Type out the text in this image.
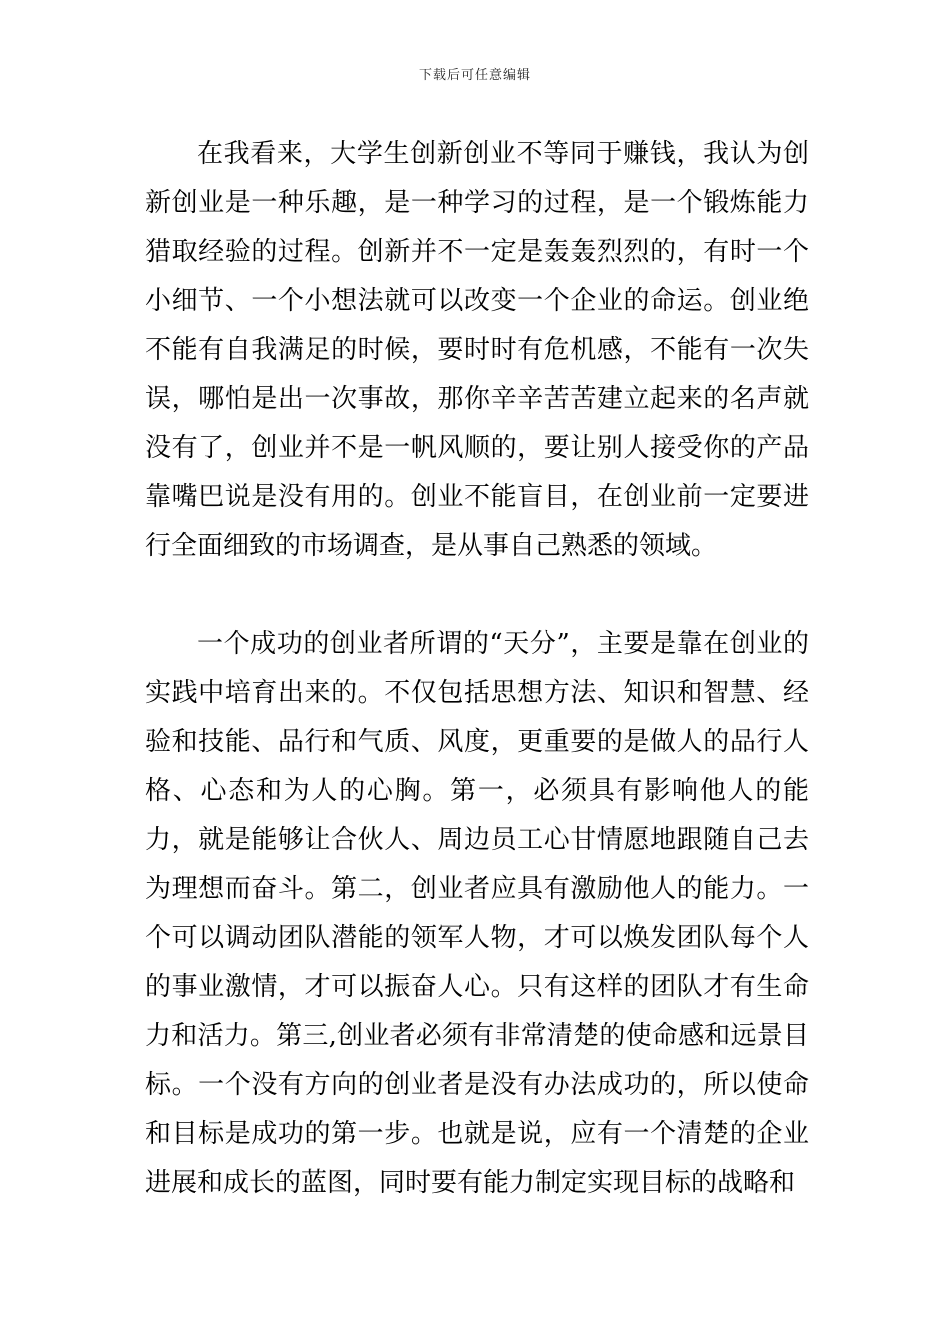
下载后可任意编辑

在我看来，大学生创新创业不等同于赚钱，我认为创新创业是一种乐趣，是一种学习的过程，是一个锻炼能力猎取经验的过程。创新并不一定是轰轰烈烈的，有时一个小细节、一个小想法就可以改变一个企业的命运。创业绝不能有自我满足的时候，要时时有危机感，不能有一次失误，哪怕是出一次事故，那你辛辛苦苦建立起来的名声就没有了，创业并不是一帆风顺的，要让别人接受你的产品靠嘴巴说是没有用的。创业不能盲目，在创业前一定要进行全面细致的市场调查，是从事自己熟悉的领域。

一个成功的创业者所谓的“天分”，主要是靠在创业的实践中培育出来的。不仅包括思想方法、知识和智慧、经验和技能、品行和气质、风度，更重要的是做人的品行人格、心态和为人的心胸。第一，必须具有影响他人的能力，就是能够让合伙人、周边员工心甘情愿地跟随自己去为理想而奋斗。第二，创业者应具有激励他人的能力。一个可以调动团队潜能的领军人物，才可以焕发团队每个人的事业激情，才可以振奋人心。只有这样的团队才有生命力和活力。第三,创业者必须有非常清楚的使命感和远景目标。一个没有方向的创业者是没有办法成功的，所以使命和目标是成功的第一步。也就是说，应有一个清楚的企业进展和成长的蓝图，同时要有能力制定实现目标的战略和
